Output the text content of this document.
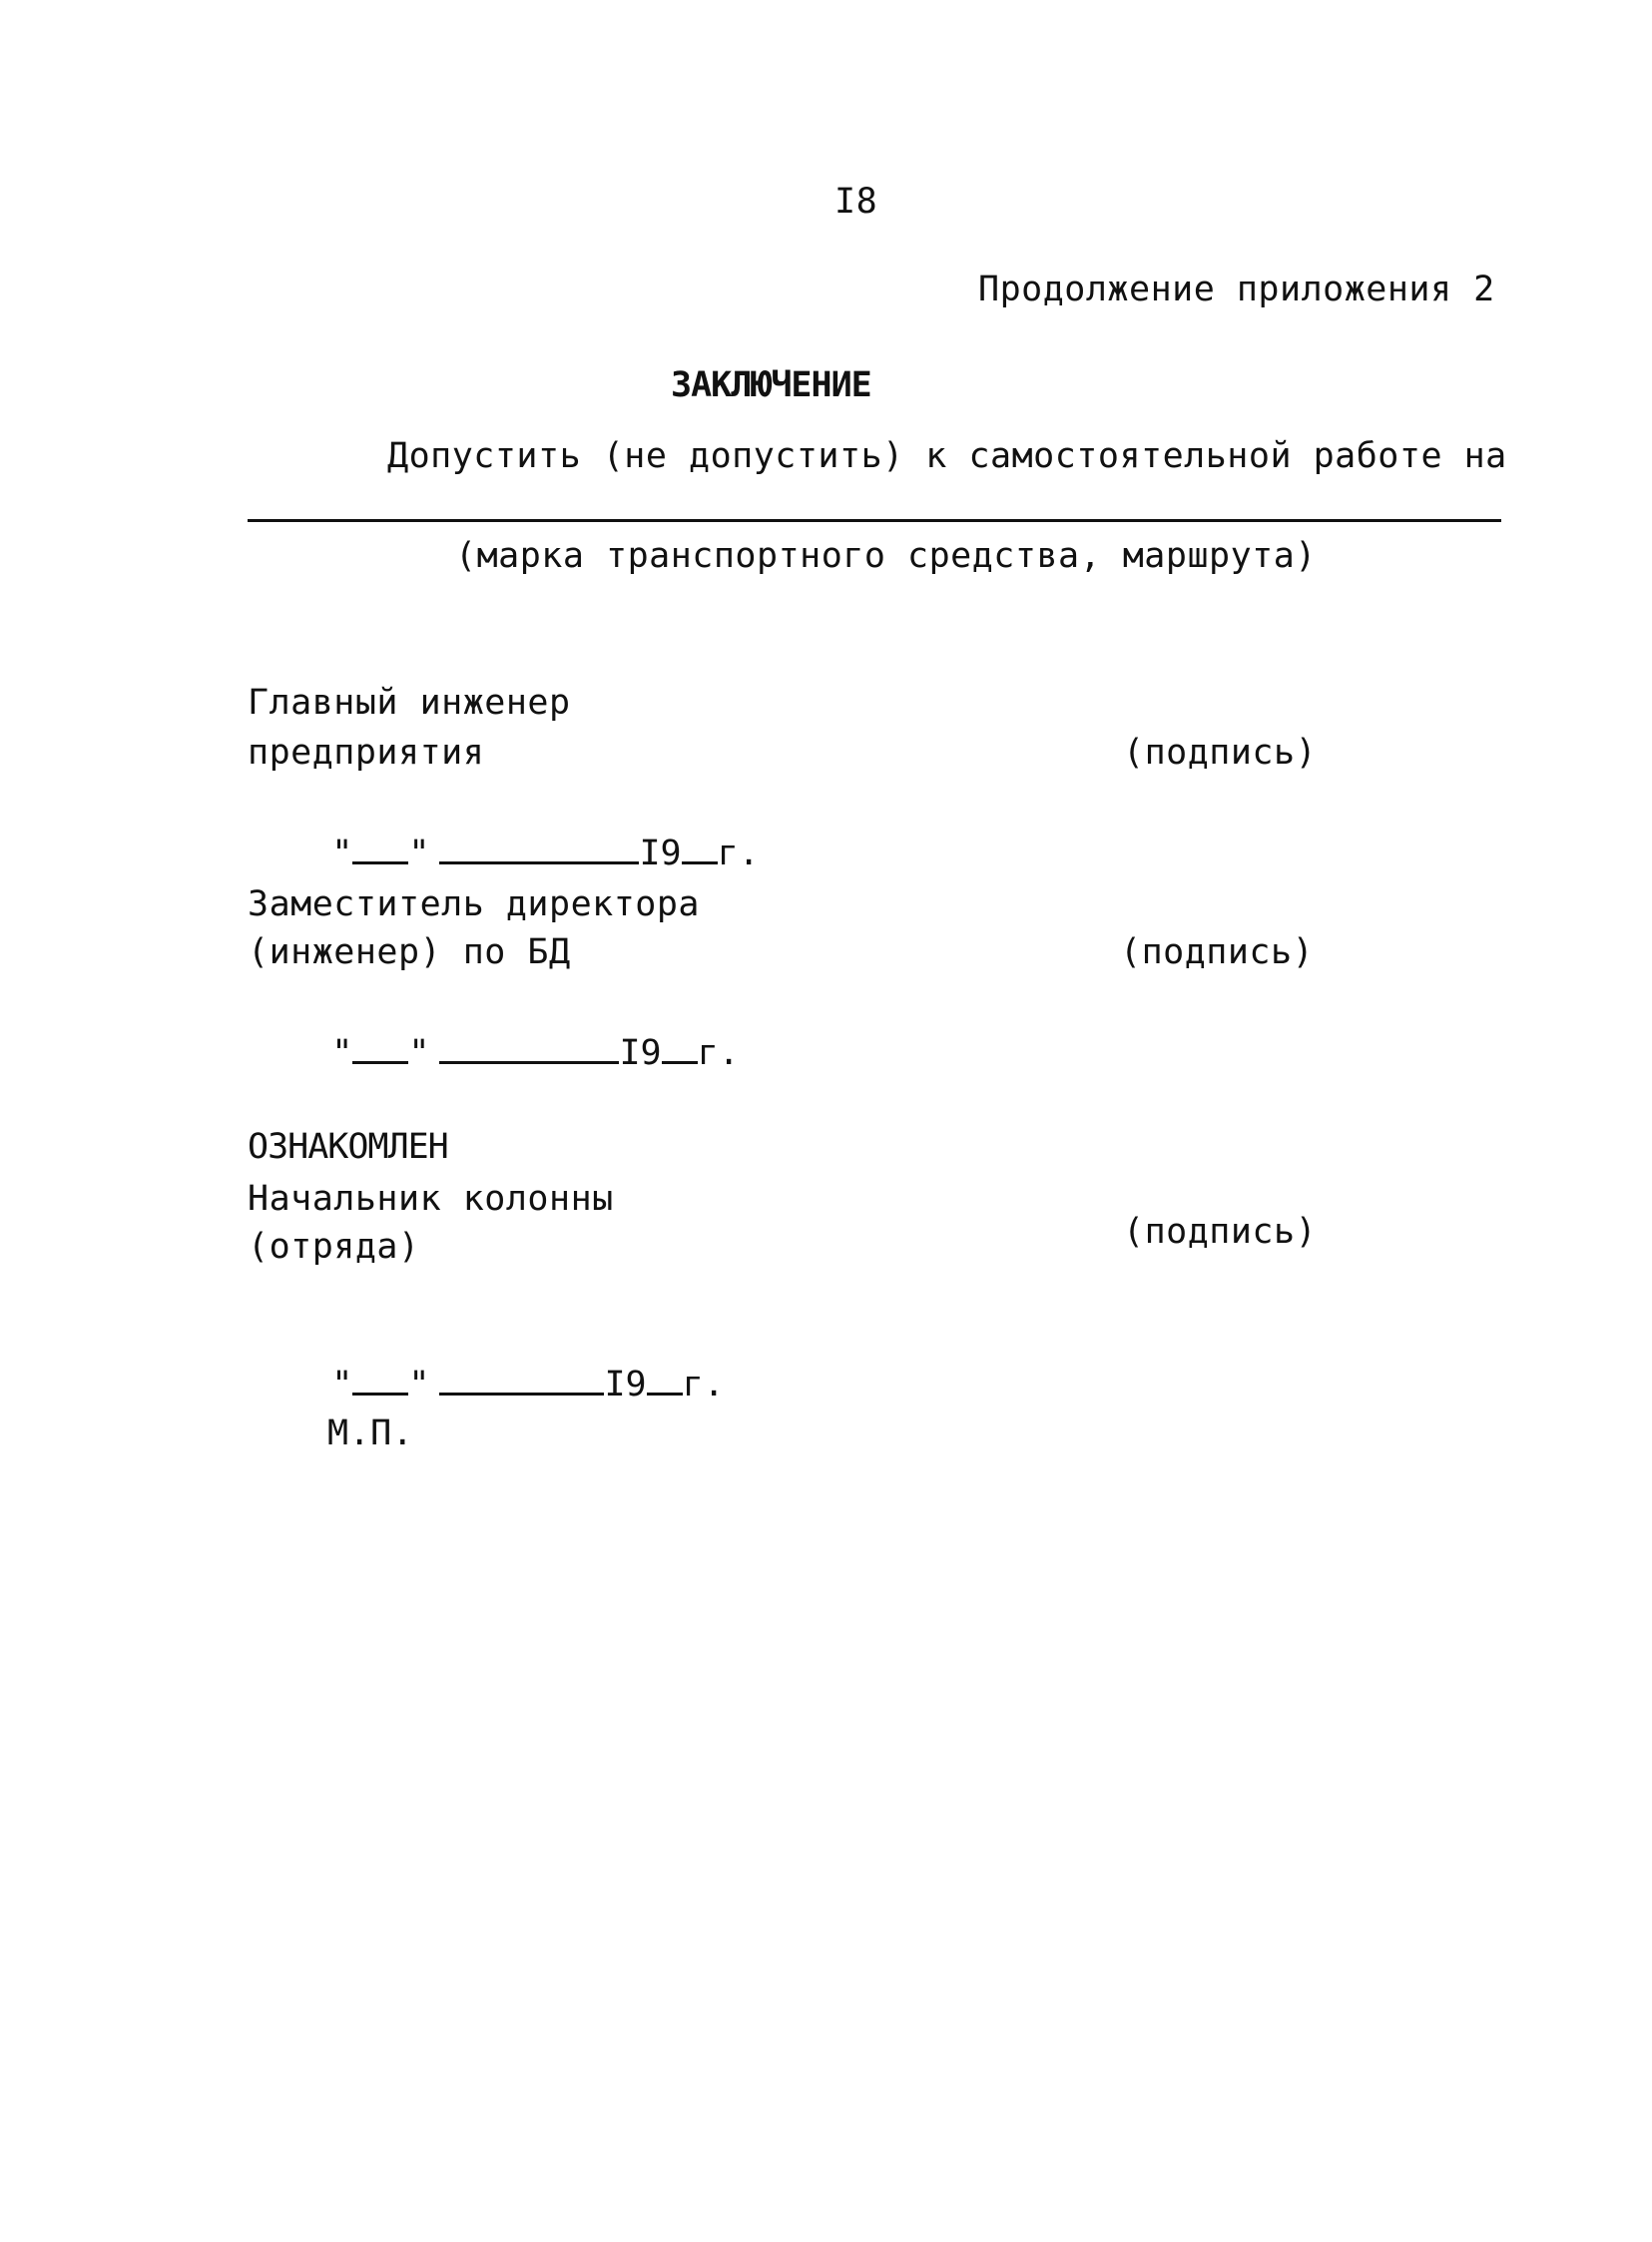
I8
Продолжение приложения 2
ЗАКЛЮЧЕНИЕ
Допустить (не допустить) к самостоятельной работе на
(марка транспортного средства, маршрута)
Главный инженер
предприятия	(подпись)

" "	I9 г.

Заместитель директора
(инженер) по БД	(подпись)

" "	I9 г.

ОЗНАКОМЛЕН
Начальник колонны
(отряда)	(подпись)

" "	I9 г.

М.П.
